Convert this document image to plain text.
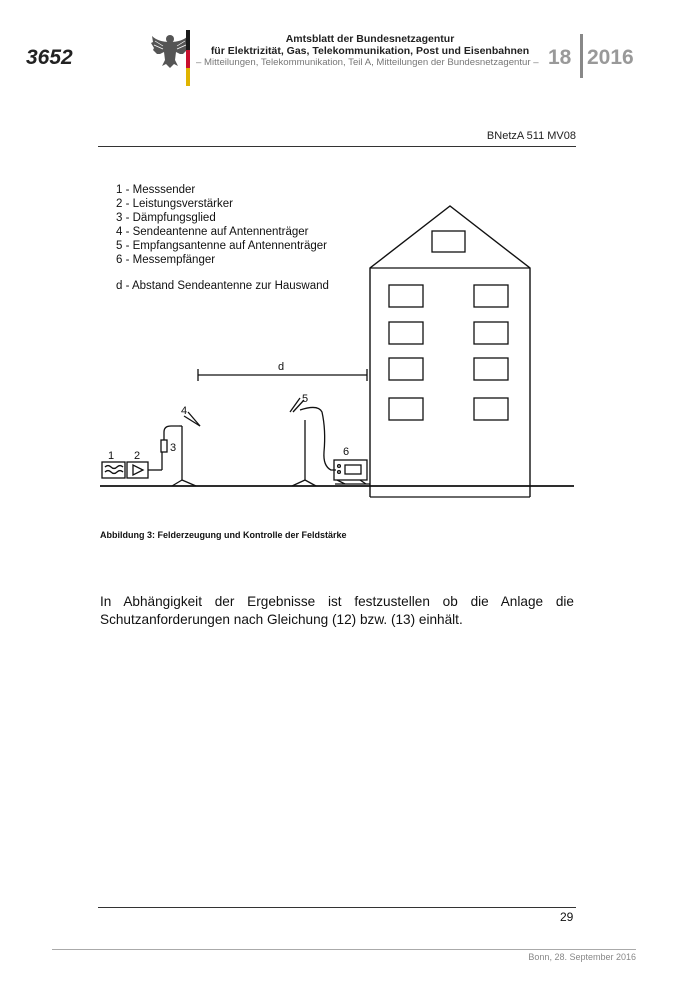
3652
Amtsblatt der Bundesnetzagentur
für Elektrizität, Gas, Telekommunikation, Post und Eisenbahnen
– Mitteilungen, Telekommunikation, Teil A, Mitteilungen der Bundesnetzagentur – 18 2016
BNetzA 511 MV08
1 - Messsender
2 - Leistungsverstärker
3 - Dämpfungsglied
4 - Sendeantenne auf Antennenträger
5 - Empfangsantenne auf Antennenträger
6 - Messempfänger
d - Abstand Sendeantenne zur Hauswand
1 2
3
4
5
6
d
Abbildung 3: Felderzeugung und Kontrolle der Feldstärke
In Abhängigkeit der Ergebnisse ist festzustellen ob die Anlage die Schutzanforderungen nach Gleichung (12) bzw. (13) einhält.
29
Bonn, 28. September 2016
